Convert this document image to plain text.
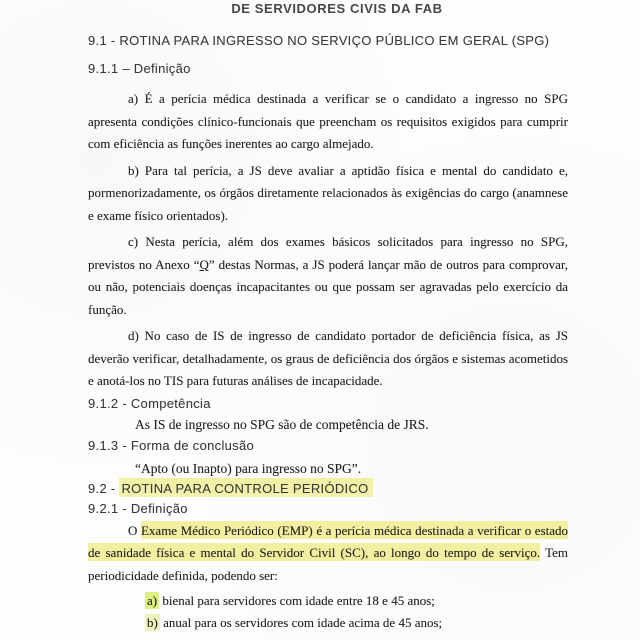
DE SERVIDORES CIVIS DA FAB
9.1 - ROTINA PARA INGRESSO NO SERVIÇO PÚBLICO EM GERAL (SPG)
9.1.1 – Definição

a) É a perícia médica destinada a verificar se o candidato a ingresso no SPG apresenta condições clínico-funcionais que preencham os requisitos exigidos para cumprir com eficiência as funções inerentes ao cargo almejado.

b) Para tal perícia, a JS deve avaliar a aptidão física e mental do candidato e, pormenorizadamente, os órgãos diretamente relacionados às exigências do cargo (anamnese e exame físico orientados).

c) Nesta perícia, além dos exames básicos solicitados para ingresso no SPG, previstos no Anexo “Q” destas Normas, a JS poderá lançar mão de outros para comprovar, ou não, potenciais doenças incapacitantes ou que possam ser agravadas pelo exercício da função.

d) No caso de IS de ingresso de candidato portador de deficiência física, as JS deverão verificar, detalhadamente, os graus de deficiência dos órgãos e sistemas acometidos e anotá-los no TIS para futuras análises de incapacidade.

9.1.2 - Competência

As IS de ingresso no SPG são de competência de JRS.

9.1.3 - Forma de conclusão

“Apto (ou Inapto) para ingresso no SPG”.

9.2 - ROTINA PARA CONTROLE PERIÓDICO
9.2.1 - Definição

O Exame Médico Periódico (EMP) é a perícia médica destinada a verificar o estado de sanidade física e mental do Servidor Civil (SC), ao longo do tempo de serviço. Tem periodicidade definida, podendo ser:

a) bienal para servidores com idade entre 18 e 45 anos;

b) anual para os servidores com idade acima de 45 anos;
